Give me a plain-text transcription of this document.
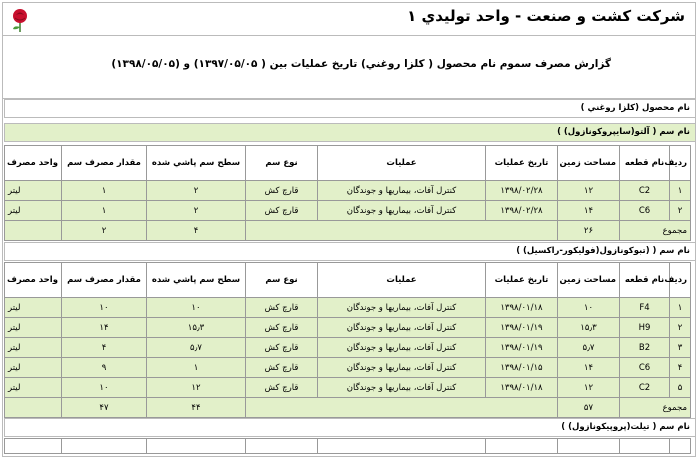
شرکت کشت و صنعت - واحد توليدي ۱
گزارش مصرف سموم نام محصول ( کلزا روغني) تاريخ عمليات بين ( ۱۳۹۷/۰۵/۰۵) و (۱۳۹۸/۰۵/۰۵)
نام محصول (کلزا روغني )
نام سم ( آلتو(سايپروکونازول) )
رديف	نام قطعه	مساحت زمين	تاريخ عمليات	عمليات	نوع سم	سطح سم پاشي شده	مقدار مصرف سم	واحد مصرف
۱	C2	۱۲	۱۳۹۸/۰۲/۲۸	کنترل آفات، بيماريها و جوندگان	قارچ کش	۲	۱	ليتر
۲	C6	۱۴	۱۳۹۸/۰۲/۲۸	کنترل آفات، بيماريها و جوندگان	قارچ کش	۲	۱	ليتر
مجموع		۲۶				۴	۲	
نام سم ( (تبوکونازول(فوليکور-راکسيل) )
رديف	نام قطعه	مساحت زمين	تاريخ عمليات	عمليات	نوع سم	سطح سم پاشي شده	مقدار مصرف سم	واحد مصرف
۱	F4	۱۰	۱۳۹۸/۰۱/۱۸	کنترل آفات، بيماريها و جوندگان	قارچ کش	۱۰	۱۰	ليتر
۲	H9	۱۵٫۳	۱۳۹۸/۰۱/۱۹	کنترل آفات، بيماريها و جوندگان	قارچ کش	۱۵٫۳	۱۴	ليتر
۳	B2	۵٫۷	۱۳۹۸/۰۱/۱۹	کنترل آفات، بيماريها و جوندگان	قارچ کش	۵٫۷	۴	ليتر
۴	C6	۱۴	۱۳۹۸/۰۱/۱۵	کنترل آفات، بيماريها و جوندگان	قارچ کش	۱	۹	ليتر
۵	C2	۱۲	۱۳۹۸/۰۱/۱۸	کنترل آفات، بيماريها و جوندگان	قارچ کش	۱۲	۱۰	ليتر
مجموع		۵۷				۴۴	۴۷	
نام سم ( تيلت(پروپيکونازول) )
